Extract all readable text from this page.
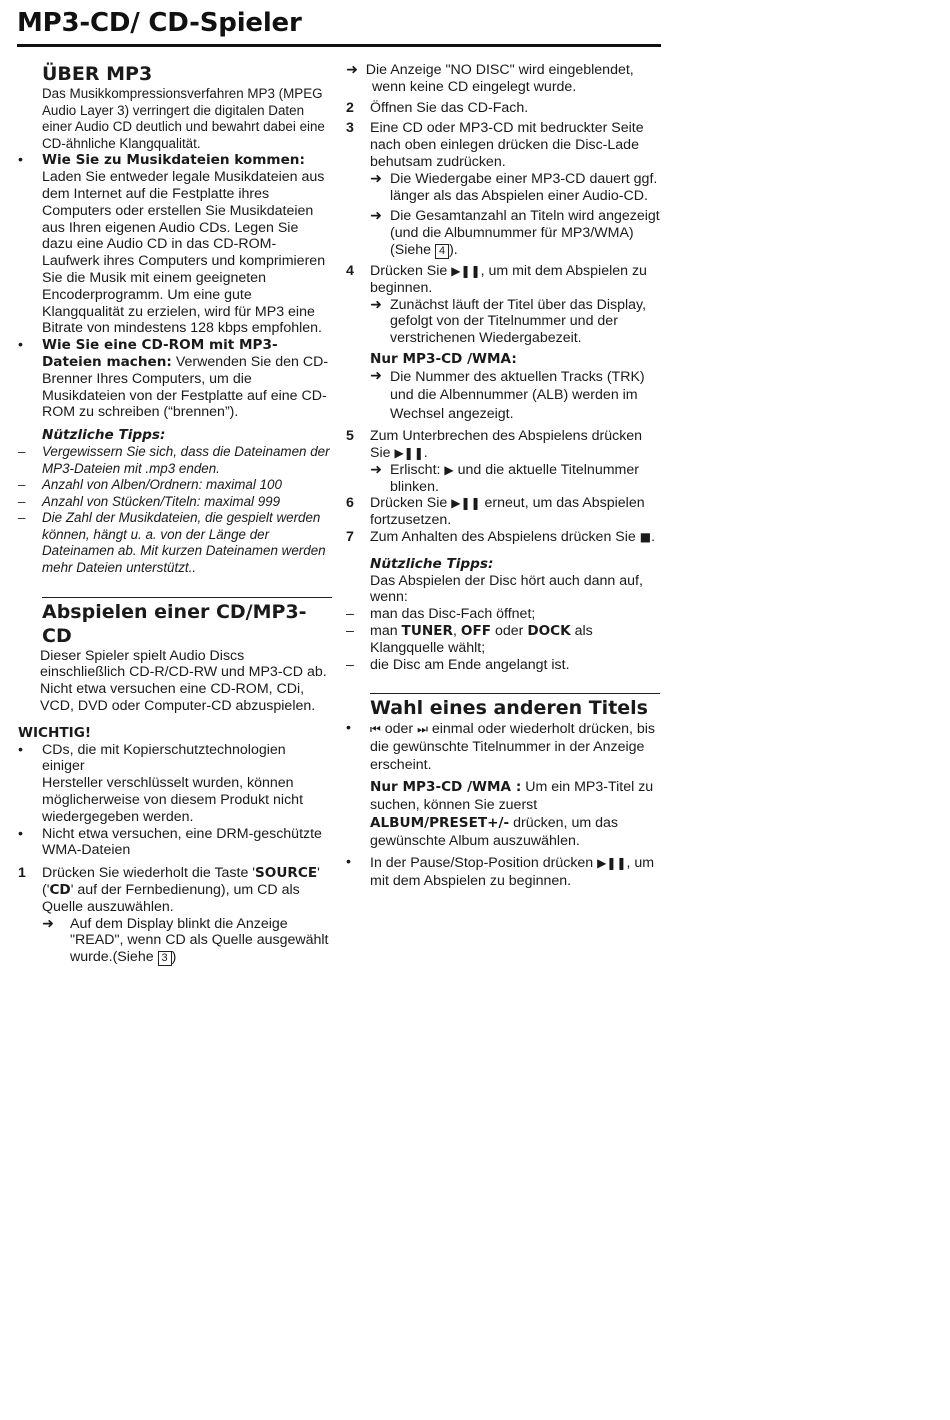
MP3-CD/ CD-Spieler
ÜBER MP3

Das Musikkompressionsverfahren MP3 (MPEG Audio Layer 3) verringert die digitalen Daten einer Audio CD deutlich und bewahrt dabei eine CD-ähnliche Klangqualität.

•	Wie Sie zu Musikdateien kommen: Laden Sie entweder legale Musikdateien aus dem Internet auf die Festplatte ihres Computers oder erstellen Sie Musikdateien aus Ihren eigenen Audio CDs. Legen Sie dazu eine Audio CD in das CD-ROM-Laufwerk ihres Computers und komprimieren Sie die Musik mit einem geeigneten Encoderprogramm. Um eine gute Klangqualität zu erzielen, wird für MP3 eine Bitrate von mindestens 128 kbps empfohlen.

•	Wie Sie eine CD-ROM mit MP3-Dateien machen: Verwenden Sie den CD-Brenner Ihres Computers, um die Musikdateien von der Festplatte auf eine CD-ROM zu schreiben (“brennen”).

Nützliche Tipps:

–	Vergewissern Sie sich, dass die Dateinamen der MP3-Dateien mit .mp3 enden.

–	Anzahl von Alben/Ordnern: maximal 100

–	Anzahl von Stücken/Titeln: maximal 999

–	Die Zahl der Musikdateien, die gespielt werden können, hängt u. a. von der Länge der Dateinamen ab. Mit kurzen Dateinamen werden mehr Dateien unterstützt..

Abspielen einer CD/MP3-CD

Dieser Spieler spielt Audio Discs einschließlich CD-R/CD-RW und MP3-CD ab. Nicht etwa versuchen eine CD-ROM, CDi, VCD, DVD oder Computer-CD abzuspielen.

WICHTIG!

•	CDs, die mit Kopierschutztechnologien einiger
Hersteller verschlüsselt wurden, können möglicherweise von diesem Produkt nicht wiedergegeben werden.

•	Nicht etwa versuchen, eine DRM-geschützte WMA-Dateien

1	Drücken Sie wiederholt die Taste 'SOURCE' ('CD' auf der Fernbedienung), um CD als Quelle auszuwählen.

➜	Auf dem Display blinkt die Anzeige "READ", wenn CD als Quelle ausgewählt wurde.(Siehe 3 )

➜ Die Anzeige "NO DISC" wird eingeblendet, wenn keine CD eingelegt wurde.

2	Öffnen Sie das CD-Fach.

3	Eine CD oder MP3-CD mit bedruckter Seite nach oben einlegen drücken die Disc-Lade behutsam zudrücken.

➜ Die Wiedergabe einer MP3-CD dauert ggf. länger als das Abspielen einer Audio-CD.

➜ Die Gesamtanzahl an Titeln wird angezeigt (und die Albumnummer für MP3/WMA) (Siehe 4 ).

4	Drücken Sie ▶❚❚, um mit dem Abspielen zu beginnen.

➜ Zunächst läuft der Titel über das Display, gefolgt von der Titelnummer und der verstrichenen Wiedergabezeit.

Nur MP3-CD /WMA:

➜ Die Nummer des aktuellen Tracks (TRK) und die Albennummer (ALB) werden im Wechsel angezeigt.

5	Zum Unterbrechen des Abspielens drücken Sie ▶❚❚.

➜ Erlischt: ▶ und die aktuelle Titelnummer blinken.

6	Drücken Sie ▶❚❚ erneut, um das Abspielen fortzusetzen.

7	Zum Anhalten des Abspielens drücken Sie ■.

Nützliche Tipps:

Das Abspielen der Disc hört auch dann auf, wenn:

–	man das Disc-Fach öffnet;

–	man TUNER, OFF oder DOCK als Klangquelle wählt;

–	die Disc am Ende angelangt ist.

Wahl eines anderen Titels
•	⏮ oder ⏭ einmal oder wiederholt drücken, bis die gewünschte Titelnummer in der Anzeige erscheint.

Nur MP3-CD /WMA : Um ein MP3-Titel zu suchen, können Sie zuerst ALBUM/PRESET+/- drücken, um das gewünschte Album auszuwählen.

•	In der Pause/Stop-Position drücken ▶❚❚, um mit dem Abspielen zu beginnen.
